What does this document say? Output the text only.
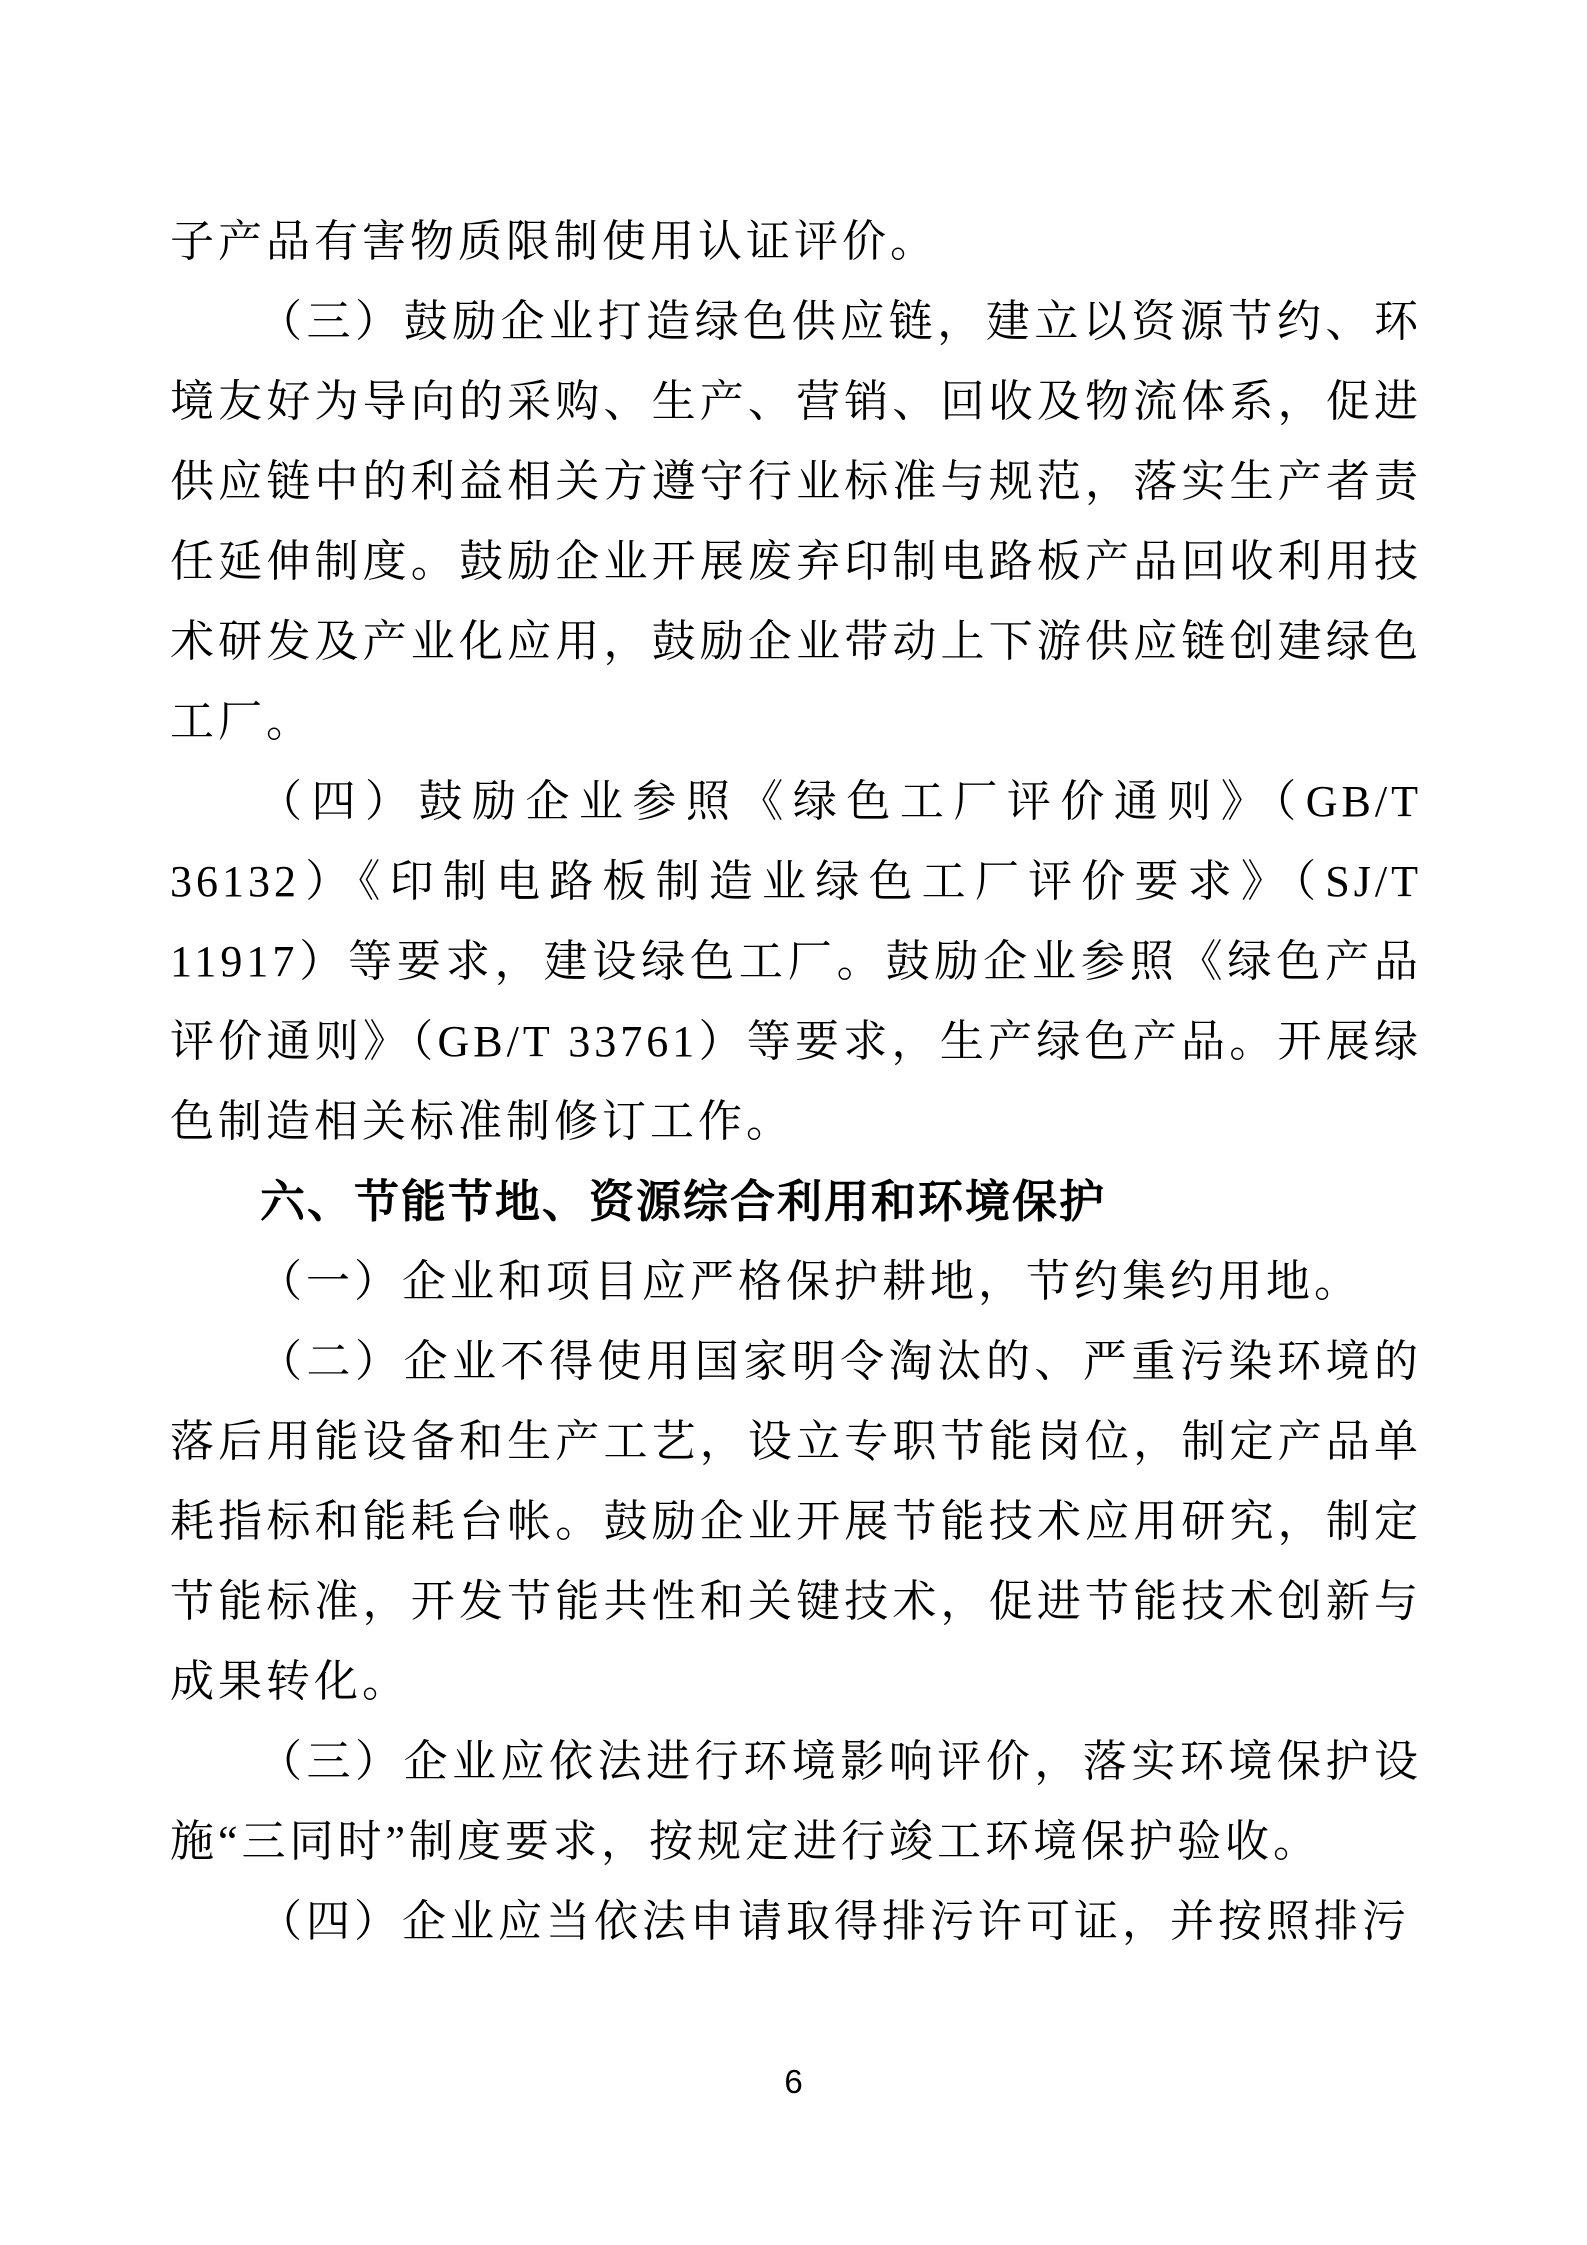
子产品有害物质限制使用认证评价。

（三）鼓励企业打造绿色供应链，建立以资源节约、环境友好为导向的采购、生产、营销、回收及物流体系，促进供应链中的利益相关方遵守行业标准与规范，落实生产者责任延伸制度。鼓励企业开展废弃印制电路板产品回收利用技术研发及产业化应用，鼓励企业带动上下游供应链创建绿色工厂。

（四）鼓励企业参照《绿色工厂评价通则》（GB/T 36132）《印制电路板制造业绿色工厂评价要求》（SJ/T 11917）等要求，建设绿色工厂。鼓励企业参照《绿色产品评价通则》（GB/T 33761）等要求，生产绿色产品。开展绿色制造相关标准制修订工作。

六、节能节地、资源综合利用和环境保护

（一）企业和项目应严格保护耕地，节约集约用地。

（二）企业不得使用国家明令淘汰的、严重污染环境的落后用能设备和生产工艺，设立专职节能岗位，制定产品单耗指标和能耗台帐。鼓励企业开展节能技术应用研究，制定节能标准，开发节能共性和关键技术，促进节能技术创新与成果转化。

（三）企业应依法进行环境影响评价，落实环境保护设施“三同时”制度要求，按规定进行竣工环境保护验收。

（四）企业应当依法申请取得排污许可证，并按照排污

6
